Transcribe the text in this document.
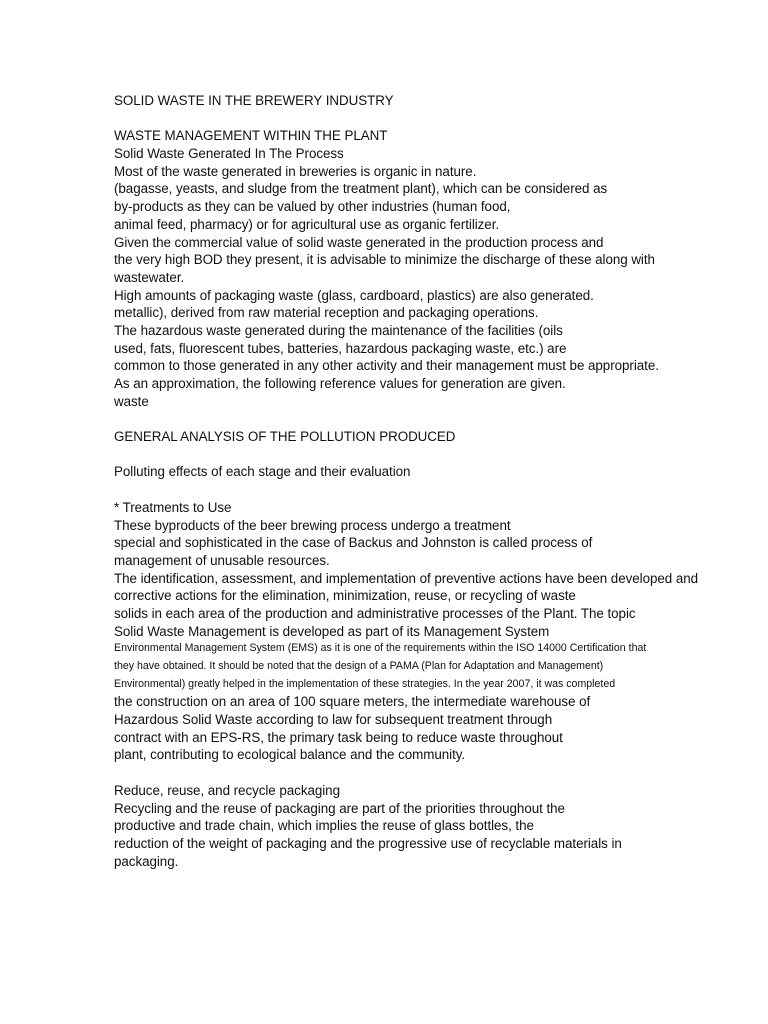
SOLID WASTE IN THE BREWERY INDUSTRY
WASTE MANAGEMENT WITHIN THE PLANT
Solid Waste Generated In The Process
Most of the waste generated in breweries is organic in nature.
(bagasse, yeasts, and sludge from the treatment plant), which can be considered as
by-products as they can be valued by other industries (human food,
animal feed, pharmacy) or for agricultural use as organic fertilizer.
Given the commercial value of solid waste generated in the production process and
the very high BOD they present, it is advisable to minimize the discharge of these along with
wastewater.
High amounts of packaging waste (glass, cardboard, plastics) are also generated.
metallic), derived from raw material reception and packaging operations.
The hazardous waste generated during the maintenance of the facilities (oils
used, fats, fluorescent tubes, batteries, hazardous packaging waste, etc.) are
common to those generated in any other activity and their management must be appropriate.
As an approximation, the following reference values for generation are given.
waste
GENERAL ANALYSIS OF THE POLLUTION PRODUCED
Polluting effects of each stage and their evaluation
* Treatments to Use
These byproducts of the beer brewing process undergo a treatment
special and sophisticated in the case of Backus and Johnston is called process of
management of unusable resources.
The identification, assessment, and implementation of preventive actions have been developed and
corrective actions for the elimination, minimization, reuse, or recycling of waste
solids in each area of the production and administrative processes of the Plant. The topic
Solid Waste Management is developed as part of its Management System
Environmental Management System (EMS) as it is one of the requirements within the ISO 14000 Certification that
they have obtained. It should be noted that the design of a PAMA (Plan for Adaptation and Management)
Environmental) greatly helped in the implementation of these strategies. In the year 2007, it was completed
the construction on an area of 100 square meters, the intermediate warehouse of
Hazardous Solid Waste according to law for subsequent treatment through
contract with an EPS-RS, the primary task being to reduce waste throughout
plant, contributing to ecological balance and the community.
Reduce, reuse, and recycle packaging
Recycling and the reuse of packaging are part of the priorities throughout the
productive and trade chain, which implies the reuse of glass bottles, the
reduction of the weight of packaging and the progressive use of recyclable materials in
packaging.
